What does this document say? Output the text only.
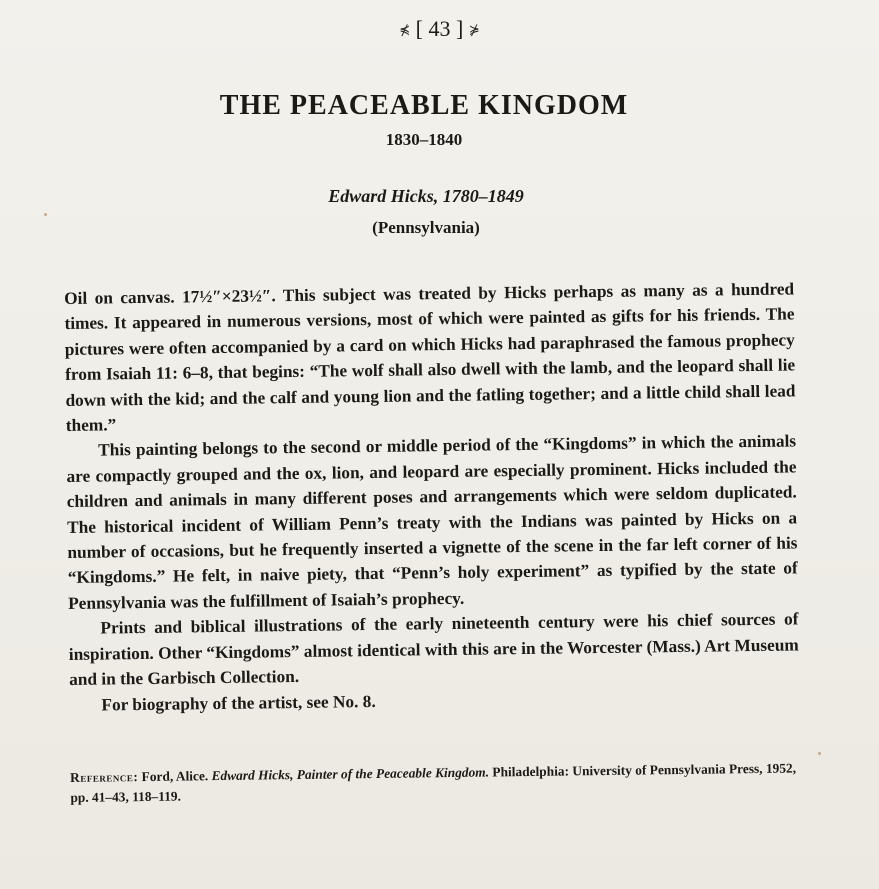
⋠ [ 43 ] ⋡
THE PEACEABLE KINGDOM
1830–1840
Edward Hicks, 1780–1849
(Pennsylvania)

Oil on canvas. 17½″×23½″. This subject was treated by Hicks perhaps as many as a hundred times. It appeared in numerous versions, most of which were painted as gifts for his friends. The pictures were often accompanied by a card on which Hicks had paraphrased the famous prophecy from Isaiah 11: 6–8, that begins: “The wolf shall also dwell with the lamb, and the leopard shall lie down with the kid; and the calf and young lion and the fatling together; and a little child shall lead them.”

This painting belongs to the second or middle period of the “Kingdoms” in which the animals are compactly grouped and the ox, lion, and leopard are especially prominent. Hicks included the children and animals in many different poses and arrangements which were seldom duplicated. The historical incident of William Penn’s treaty with the Indians was painted by Hicks on a number of occasions, but he frequently inserted a vignette of the scene in the far left corner of his “Kingdoms.” He felt, in naive piety, that “Penn’s holy experiment” as typified by the state of Pennsylvania was the fulfillment of Isaiah’s prophecy.

Prints and biblical illustrations of the early nineteenth century were his chief sources of inspiration. Other “Kingdoms” almost identical with this are in the Worcester (Mass.) Art Museum and in the Garbisch Collection.

For biography of the artist, see No. 8.

Reference: Ford, Alice. Edward Hicks, Painter of the Peaceable Kingdom. Philadelphia: University of Pennsylvania Press, 1952, pp. 41–43, 118–119.
